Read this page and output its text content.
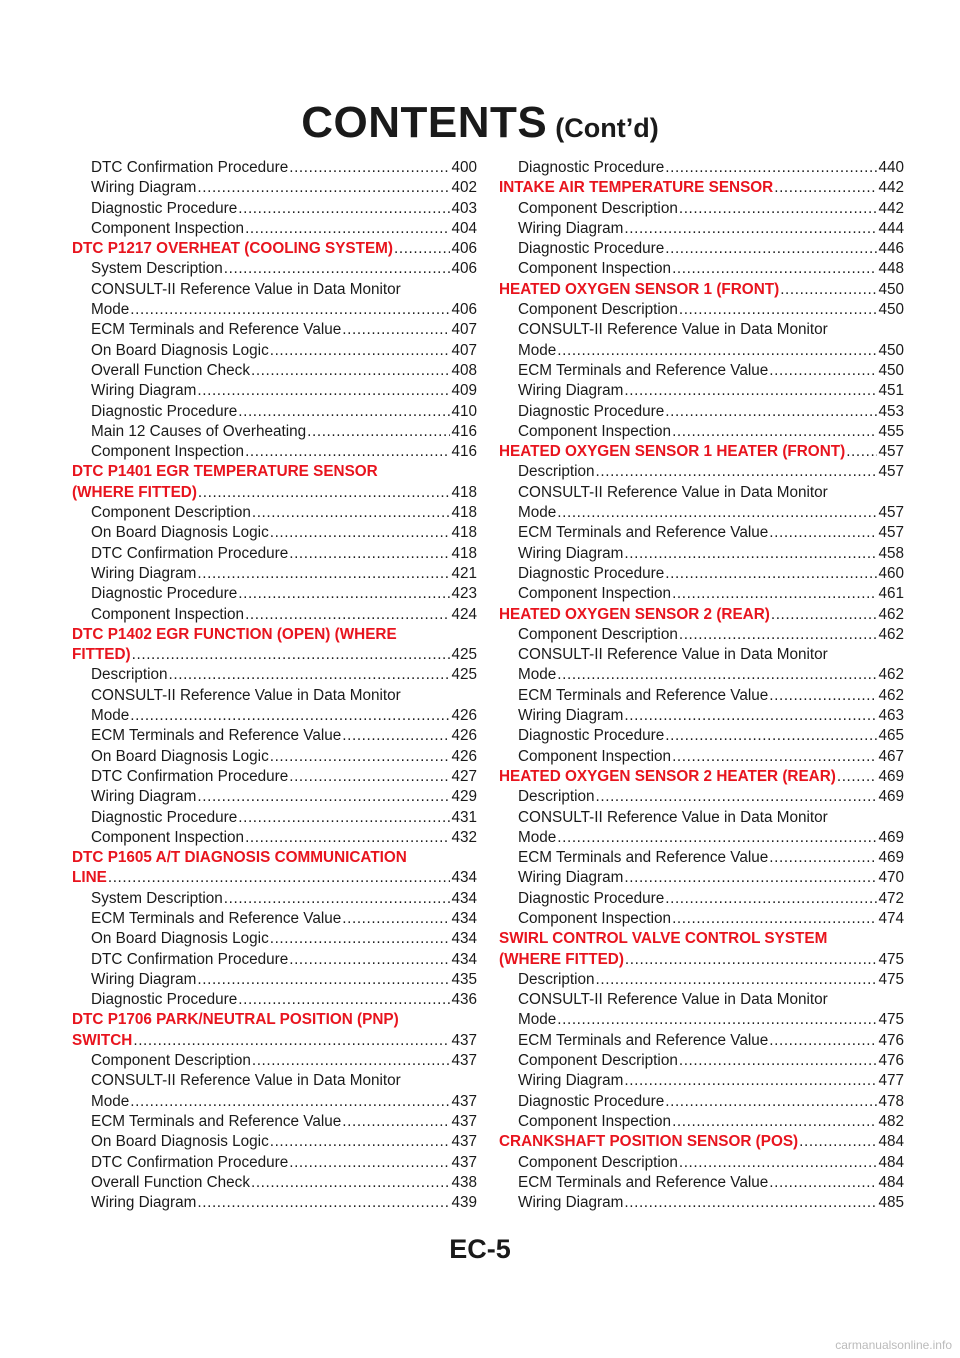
CONTENTS (Cont’d)
DTC Confirmation Procedure .....	400
Wiring Diagram .....	402
Diagnostic Procedure .....	403
Component Inspection .....	404
DTC P1217 OVERHEAT (COOLING SYSTEM) .....	406
System Description .....	406
CONSULT-II Reference Value in Data Monitor
Mode .....	406
ECM Terminals and Reference Value .....	407
On Board Diagnosis Logic .....	407
Overall Function Check .....	408
Wiring Diagram .....	409
Diagnostic Procedure .....	410
Main 12 Causes of Overheating .....	416
Component Inspection .....	416
DTC P1401 EGR TEMPERATURE SENSOR
(WHERE FITTED) .....	418
Component Description .....	418
On Board Diagnosis Logic .....	418
DTC Confirmation Procedure .....	418
Wiring Diagram .....	421
Diagnostic Procedure .....	423
Component Inspection .....	424
DTC P1402 EGR FUNCTION (OPEN) (WHERE
FITTED) .....	425
Description .....	425
CONSULT-II Reference Value in Data Monitor
Mode .....	426
ECM Terminals and Reference Value .....	426
On Board Diagnosis Logic .....	426
DTC Confirmation Procedure .....	427
Wiring Diagram .....	429
Diagnostic Procedure .....	431
Component Inspection .....	432
DTC P1605 A/T DIAGNOSIS COMMUNICATION
LINE .....	434
System Description .....	434
ECM Terminals and Reference Value .....	434
On Board Diagnosis Logic .....	434
DTC Confirmation Procedure .....	434
Wiring Diagram .....	435
Diagnostic Procedure .....	436
DTC P1706 PARK/NEUTRAL POSITION (PNP)
SWITCH .....	437
Component Description .....	437
CONSULT-II Reference Value in Data Monitor
Mode .....	437
ECM Terminals and Reference Value .....	437
On Board Diagnosis Logic .....	437
DTC Confirmation Procedure .....	437
Overall Function Check .....	438
Wiring Diagram .....	439
Diagnostic Procedure .....	440
INTAKE AIR TEMPERATURE SENSOR .....	442
Component Description .....	442
Wiring Diagram .....	444
Diagnostic Procedure .....	446
Component Inspection .....	448
HEATED OXYGEN SENSOR 1 (FRONT) .....	450
Component Description .....	450
CONSULT-II Reference Value in Data Monitor
Mode .....	450
ECM Terminals and Reference Value .....	450
Wiring Diagram .....	451
Diagnostic Procedure .....	453
Component Inspection .....	455
HEATED OXYGEN SENSOR 1 HEATER (FRONT) ..... 457
Description .....	457
CONSULT-II Reference Value in Data Monitor
Mode .....	457
ECM Terminals and Reference Value .....	457
Wiring Diagram .....	458
Diagnostic Procedure .....	460
Component Inspection .....	461
HEATED OXYGEN SENSOR 2 (REAR) .....	462
Component Description .....	462
CONSULT-II Reference Value in Data Monitor
Mode .....	462
ECM Terminals and Reference Value .....	462
Wiring Diagram .....	463
Diagnostic Procedure .....	465
Component Inspection .....	467
HEATED OXYGEN SENSOR 2 HEATER (REAR) .....	469
Description .....	469
CONSULT-II Reference Value in Data Monitor
Mode .....	469
ECM Terminals and Reference Value .....	469
Wiring Diagram .....	470
Diagnostic Procedure .....	472
Component Inspection .....	474
SWIRL CONTROL VALVE CONTROL SYSTEM
(WHERE FITTED) .....	475
Description .....	475
CONSULT-II Reference Value in Data Monitor
Mode .....	475
ECM Terminals and Reference Value .....	476
Component Description .....	476
Wiring Diagram .....	477
Diagnostic Procedure .....	478
Component Inspection .....	482
CRANKSHAFT POSITION SENSOR (POS) .....	484
Component Description .....	484
ECM Terminals and Reference Value .....	484
Wiring Diagram .....	485
EC-5
carmanualsonline.info
